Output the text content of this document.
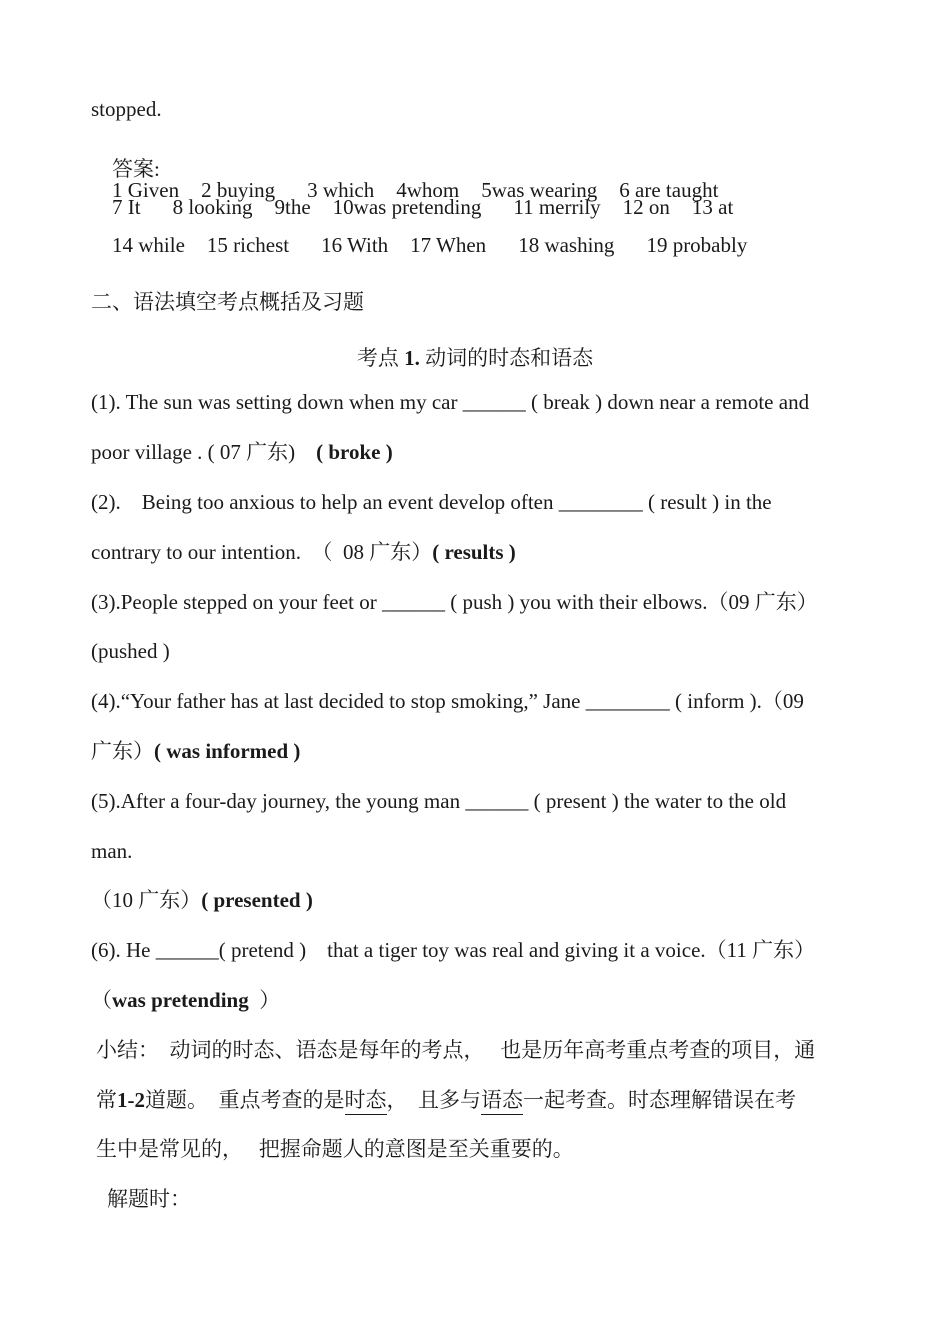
stopped.

答案:
1 Given 2 buying 3 which 4whom 5was wearing 6 are taught

7 It 8 looking 9the 10was pretending 11 merrily 12 on 13 at

14 while 15 richest 16 With 17 When 18 washing 19 probably

二、语法填空考点概括及习题
考点 1. 动词的时态和语态
(1). The sun was setting down when my car ______ ( break ) down near a remote and
poor village . ( 07 广东) ( broke )
(2).    Being too anxious to help an event develop often ________ ( result ) in the
contrary to our intention.  （  08 广东）( results )
(3).People stepped on your feet or ______ ( push ) you with their elbows.（09 广东）
(pushed )
(4).“Your father has at last decided to stop smoking,” Jane ________ ( inform ).（09
广东）( was informed )
(5).After a four-day journey, the young man ______ ( present ) the water to the old
man.
（10 广东）( presented )
(6). He ______( pretend )    that a tiger toy was real and giving it a voice.（11 广东）
（was pretending  ）
小结：  动词的时态、语态是每年的考点，   也是历年高考重点考查的项目，通
常1-2道题。  重点考查的是时态，  且多与语态一起考查。时态理解错误在考
生中是常见的，   把握命题人的意图是至关重要的。
解题时：
